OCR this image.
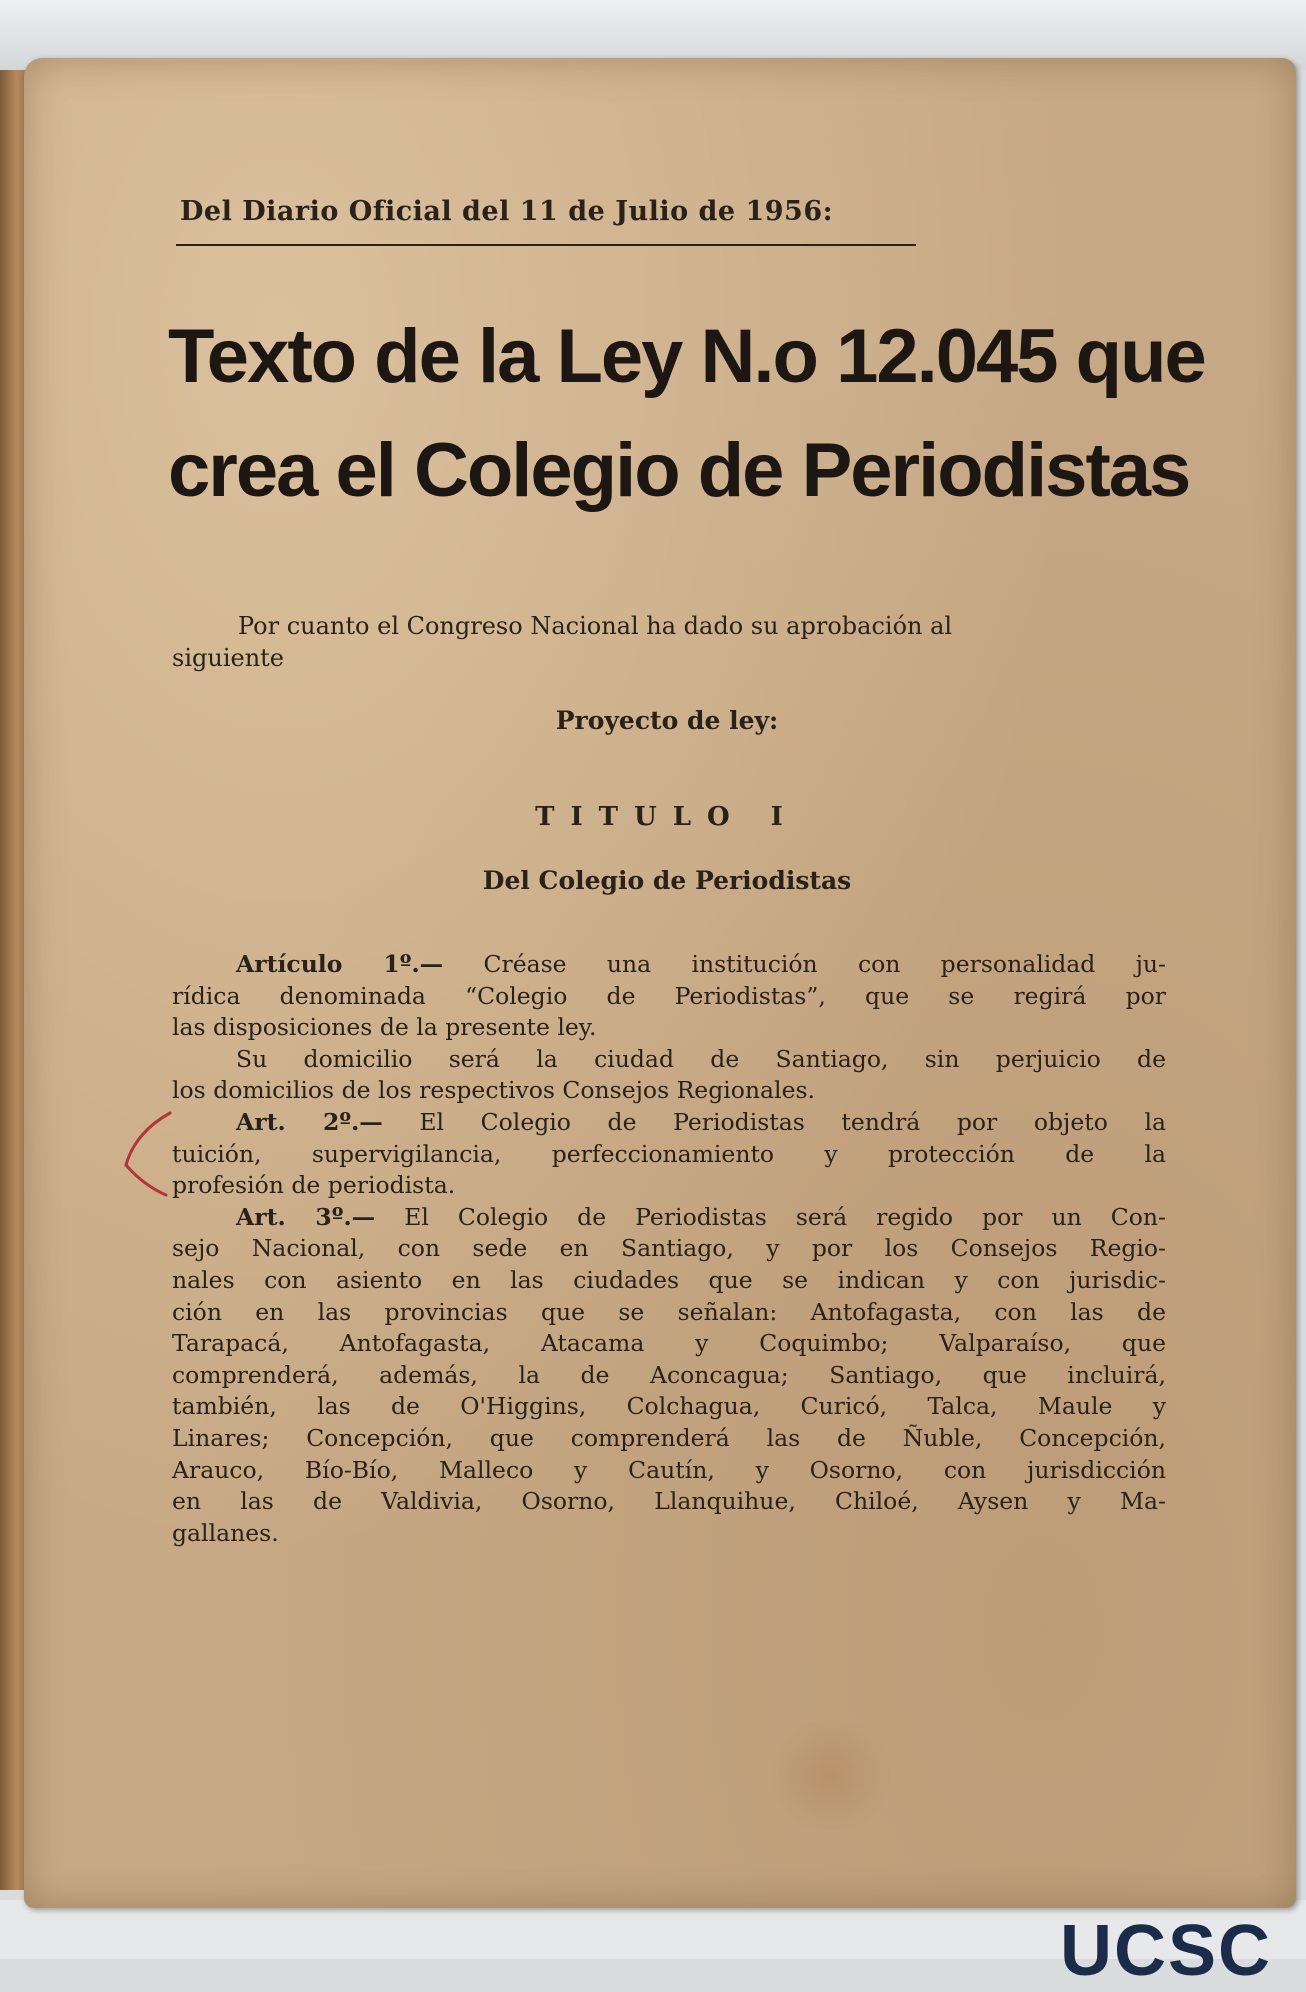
Del Diario Oficial del 11 de Julio de 1956:
Texto de la Ley N.o 12.045 que
crea el Colegio de Periodistas
Por cuanto el Congreso Nacional ha dado su aprobación al
siguiente
Proyecto de ley:
TITULO I
Del Colegio de Periodistas
Artículo 1º.— Créase una institución con personalidad ju-
rídica denominada “Colegio de Periodistas”, que se regirá por
las disposiciones de la presente ley.
Su domicilio será la ciudad de Santiago, sin perjuicio de
los domicilios de los respectivos Consejos Regionales.
Art. 2º.— El Colegio de Periodistas tendrá por objeto la
tuición, supervigilancia, perfeccionamiento y protección de la
profesión de periodista.
Art. 3º.— El Colegio de Periodistas será regido por un Con-
sejo Nacional, con sede en Santiago, y por los Consejos Regio-
nales con asiento en las ciudades que se indican y con jurisdic-
ción en las provincias que se señalan: Antofagasta, con las de
Tarapacá, Antofagasta, Atacama y Coquimbo; Valparaíso, que
comprenderá, además, la de Aconcagua; Santiago, que incluirá,
también, las de O'Higgins, Colchagua, Curicó, Talca, Maule y
Linares; Concepción, que comprenderá las de Ñuble, Concepción,
Arauco, Bío-Bío, Malleco y Cautín, y Osorno, con jurisdicción
en las de Valdivia, Osorno, Llanquihue, Chiloé, Aysen y Ma-
gallanes.
UCSC
